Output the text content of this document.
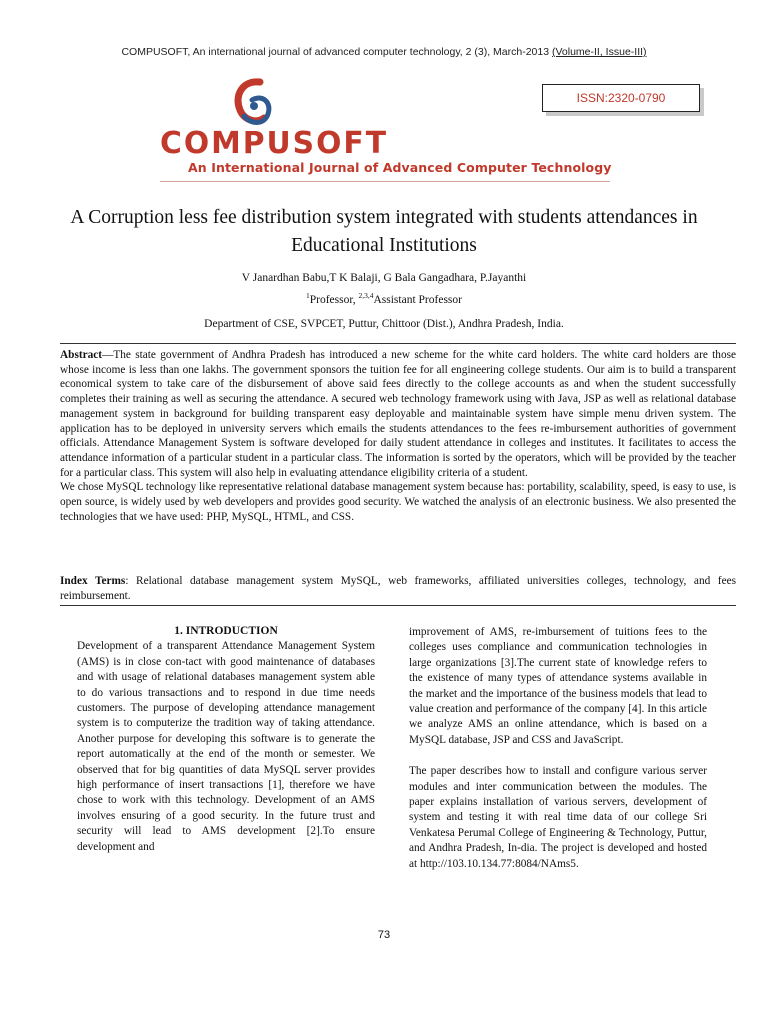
COMPUSOFT, An international journal of advanced computer technology, 2 (3), March-2013 (Volume-II, Issue-III)
ISSN:2320-0790
COMPUSOFT
An International Journal of Advanced Computer Technology
A Corruption less fee distribution system integrated with students attendances in Educational Institutions
V Janardhan Babu,T K Balaji, G Bala Gangadhara, P.Jayanthi
$^1$Professor, $^{2,3,4}$Assistant Professor
Department of CSE, SVPCET, Puttur, Chittoor (Dist.), Andhra Pradesh, India.

Abstract—The state government of Andhra Pradesh has introduced a new scheme for the white card holders. The white card holders are those whose income is less than one lakhs. The government sponsors the tuition fee for all engineering college students. Our aim is to build a transparent economical system to take care of the disbursement of above said fees directly to the college accounts as and when the student successfully completes their training as well as securing the attendance. A secured web technology framework using with Java, JSP as well as relational database management system in background for building transparent easy deployable and maintainable system have simple menu driven system. The application has to be deployed in university servers which emails the students attendances to the fees re-imbursement authorities of government officials. Attendance Management System is software developed for daily student attendance in colleges and institutes. It facilitates to access the attendance information of a particular student in a particular class. The information is sorted by the operators, which will be provided by the teacher for a particular class. This system will also help in evaluating attendance eligibility criteria of a student.

We chose MySQL technology like representative relational database management system because has: portability, scalability, speed, is easy to use, is open source, is widely used by web developers and provides good security. We watched the analysis of an electronic business. We also presented the technologies that we have used: PHP, MySQL, HTML, and CSS.

Index Terms: Relational database management system MySQL, web frameworks, affiliated universities colleges, technology, and fees reimbursement.

1. INTRODUCTION

Development of a transparent Attendance Management System (AMS) is in close con-tact with good maintenance of databases and with usage of relational databases management system able to do various transactions and to respond in due time needs customers. The purpose of developing attendance management system is to computerize the tradition way of taking attendance. Another purpose for developing this software is to generate the report automatically at the end of the month or semester. We observed that for big quantities of data MySQL server provides high performance of insert transactions [1], therefore we have chose to work with this technology. Development of an AMS involves ensuring of a good security. In the future trust and security will lead to AMS development [2].To ensure development and

improvement of AMS, re-imbursement of tuitions fees to the colleges uses compliance and communication technologies in large organizations [3].The current state of knowledge refers to the existence of many types of attendance systems available in the market and the importance of the business models that lead to value creation and performance of the company [4]. In this article we analyze AMS an online attendance, which is based on a MySQL database, JSP and CSS and JavaScript.

The paper describes how to install and configure various server modules and inter communication between the modules. The paper explains installation of various servers, development of system and testing it with real time data of our college Sri Venkatesa Perumal College of Engineering & Technology, Puttur, and Andhra Pradesh, In-dia. The project is developed and hosted at http://103.10.134.77:8084/NAms5.

73
